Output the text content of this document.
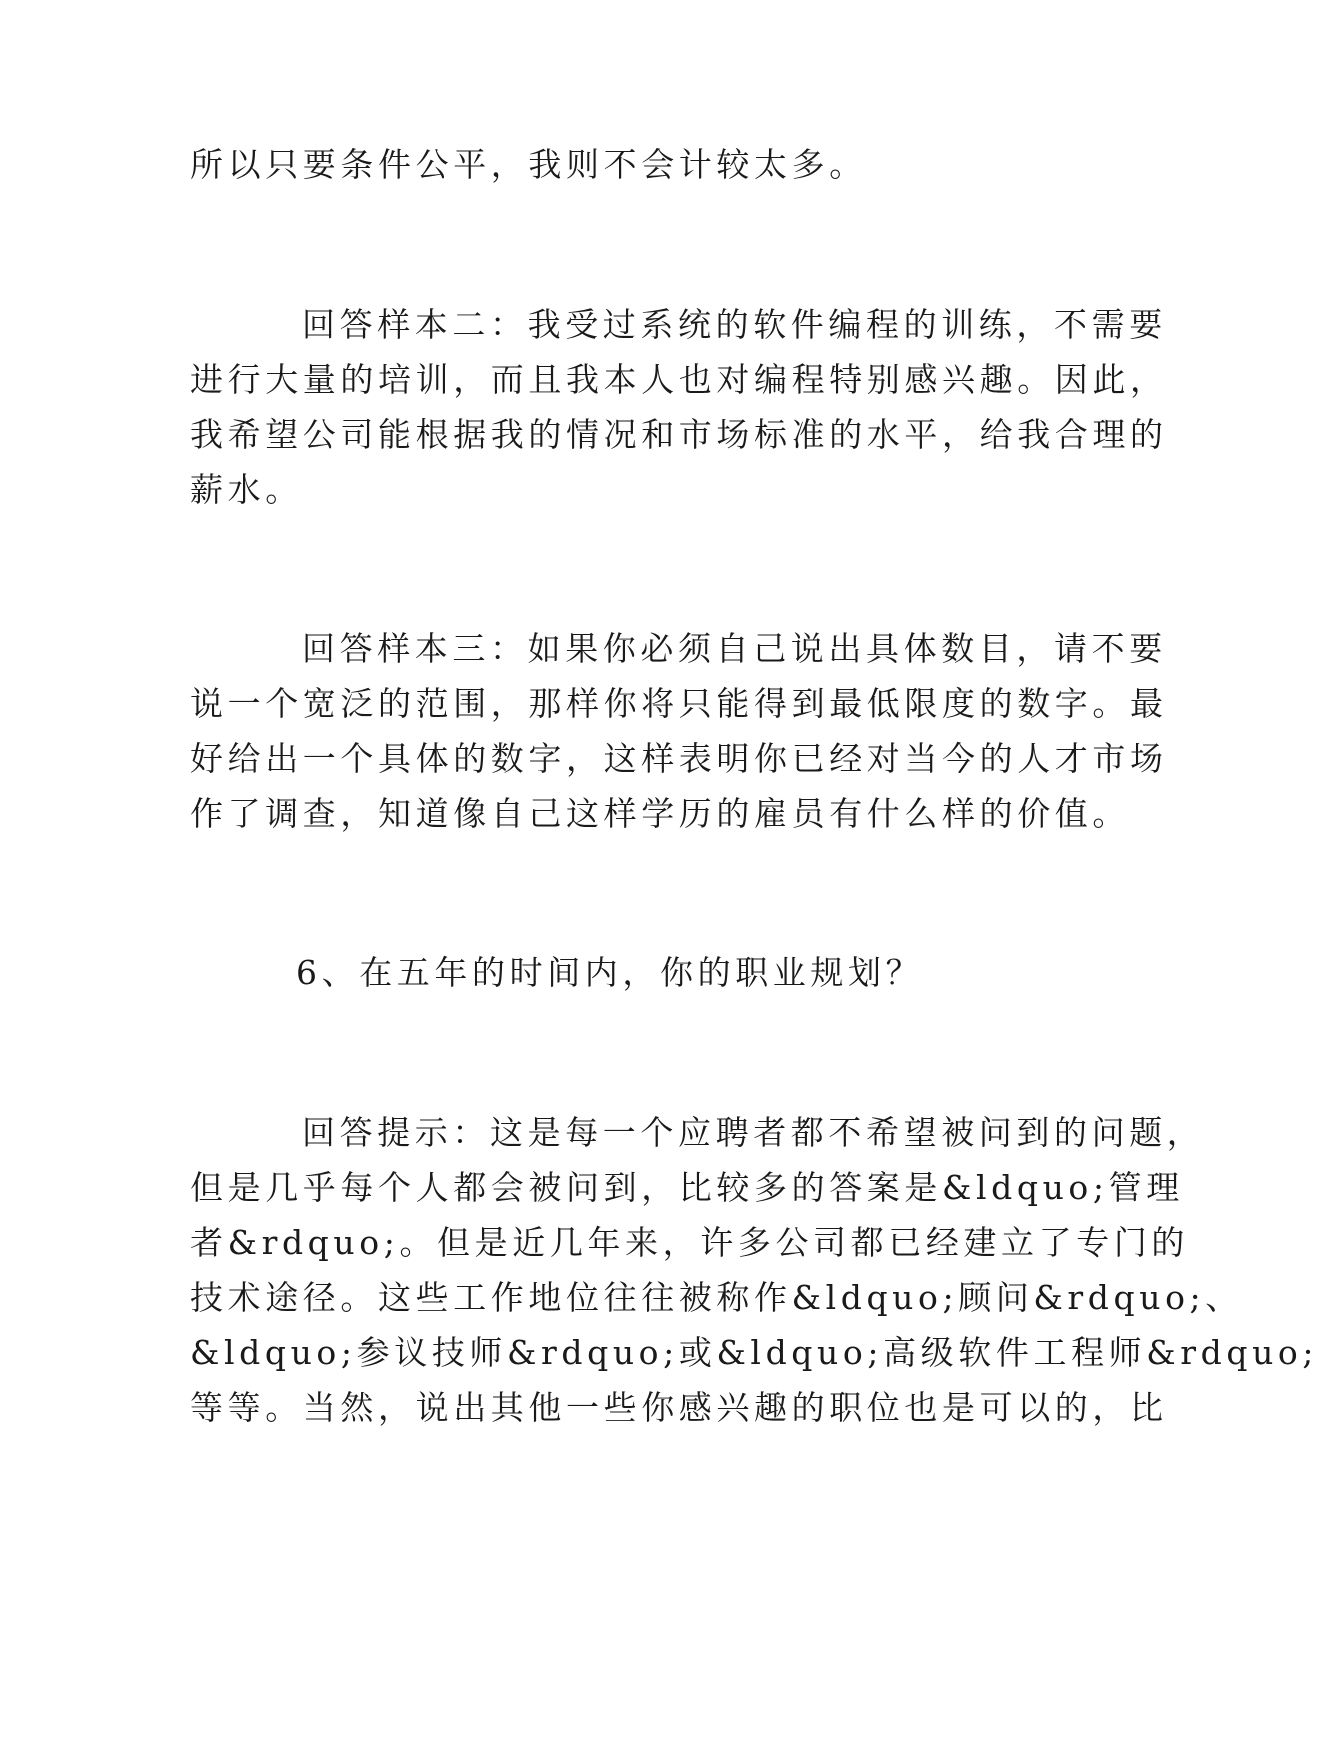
所以只要条件公平，我则不会计较太多。
回答样本二：我受过系统的软件编程的训练，不需要
进行大量的培训，而且我本人也对编程特别感兴趣。因此，
我希望公司能根据我的情况和市场标准的水平，给我合理的
薪水。
回答样本三：如果你必须自己说出具体数目，请不要
说一个宽泛的范围，那样你将只能得到最低限度的数字。最
好给出一个具体的数字，这样表明你已经对当今的人才市场
作了调查，知道像自己这样学历的雇员有什么样的价值。
6、在五年的时间内，你的职业规划？
回答提示：这是每一个应聘者都不希望被问到的问题，
但是几乎每个人都会被问到，比较多的答案是&ldquo;管理
者&rdquo;。但是近几年来，许多公司都已经建立了专门的
技术途径。这些工作地位往往被称作&ldquo;顾问&rdquo;、
&ldquo;参议技师&rdquo;或&ldquo;高级软件工程师&rdquo;
等等。当然，说出其他一些你感兴趣的职位也是可以的，比
